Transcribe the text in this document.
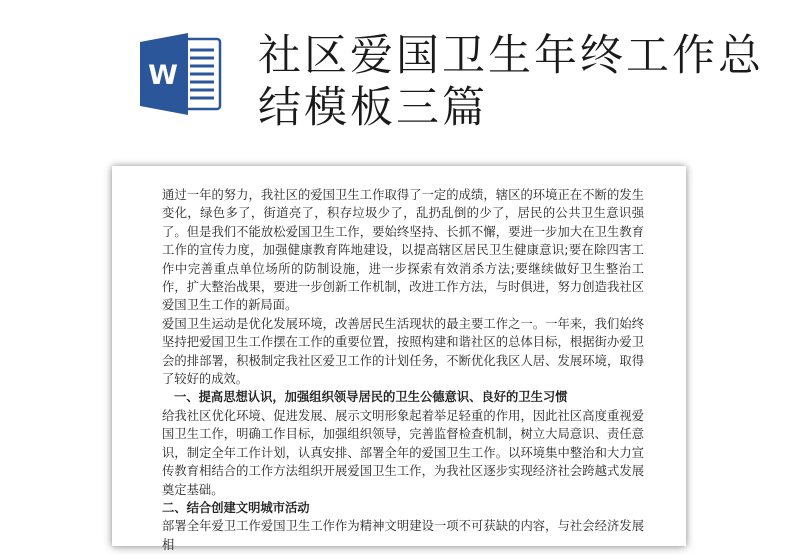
W 社区爱国卫生年终工作总结模板三篇

通过一年的努力，我社区的爱国卫生工作取得了一定的成绩，辖区的环境正在不断的发生变化，绿色多了，街道亮了，积存垃圾少了，乱扔乱倒的少了，居民的公共卫生意识强了。但是我们不能放松爱国卫生工作，要始终坚持、长抓不懈，要进一步加大在卫生教育工作的宣传力度，加强健康教育阵地建设，以提高辖区居民卫生健康意识;要在除四害工作中完善重点单位场所的防制设施，进一步探索有效消杀方法;要继续做好卫生整治工作，扩大整治战果，要进一步创新工作机制，改进工作方法，与时俱进，努力创造我社区爱国卫生工作的新局面。

爱国卫生运动是优化发展环境，改善居民生活现状的最主要工作之一。一年来，我们始终坚持把爱国卫生工作摆在工作的重要位置，按照构建和谐社区的总体目标，根据街办爱卫会的排部署，积极制定我社区爱卫工作的计划任务，不断优化我区人居、发展环境，取得了较好的成效。

一、提高思想认识，加强组织领导居民的卫生公德意识、良好的卫生习惯

给我社区优化环境、促进发展、展示文明形象起着举足轻重的作用，因此社区高度重视爱国卫生工作，明确工作目标，加强组织领导，完善监督检查机制，树立大局意识、责任意识，制定全年工作计划，认真安排、部署全年的爱国卫生工作。以环境集中整治和大力宣传教育相结合的工作方法组织开展爱国卫生工作，为我社区逐步实现经济社会跨越式发展奠定基础。

二、结合创建文明城市活动

部署全年爱卫工作爱国卫生工作作为精神文明建设一项不可获缺的内容，与社会经济发展相
